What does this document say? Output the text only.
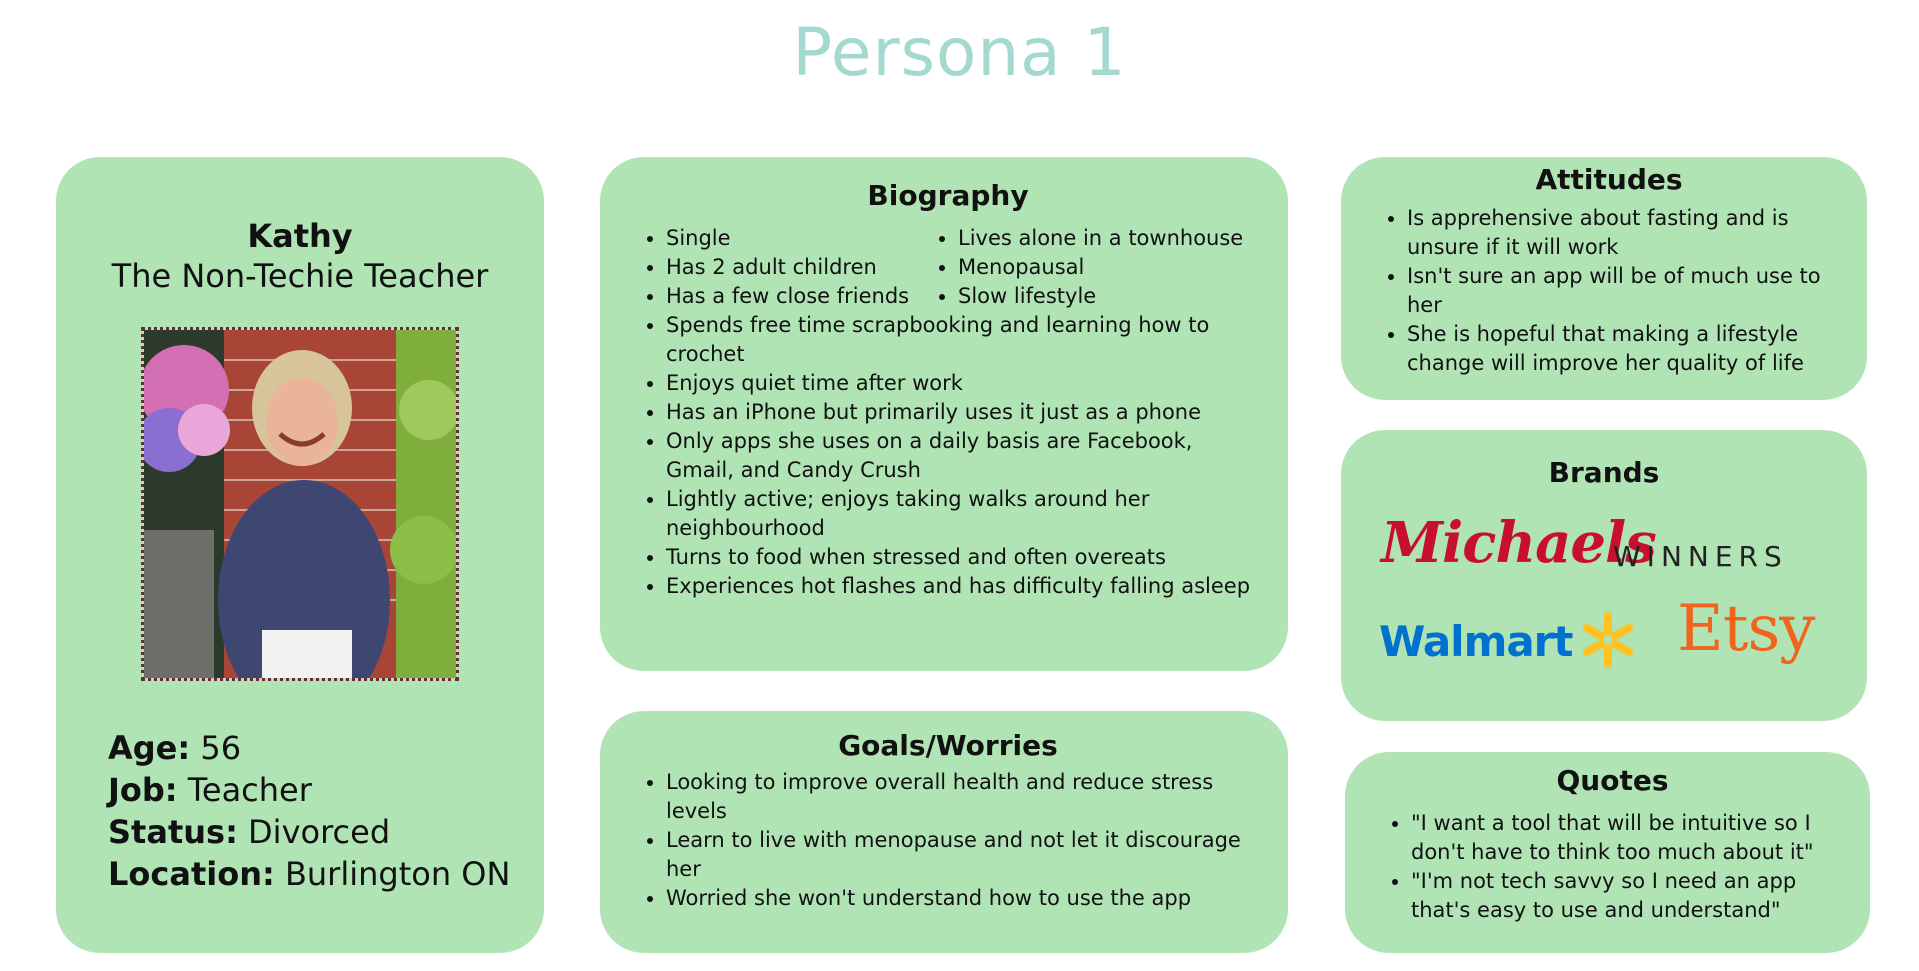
Persona 1
Kathy
The Non-Techie Teacher
Age: 56
Job: Teacher
Status: Divorced
Location: Burlington ON
Biography
• Single
• Has 2 adult children
• Has a few close friends
• Lives alone in a townhouse
• Menopausal
• Slow lifestyle
• Spends free time scrapbooking and learning how to crochet
• Enjoys quiet time after work
• Has an iPhone but primarily uses it just as a phone
• Only apps she uses on a daily basis are Facebook, Gmail, and Candy Crush
• Lightly active; enjoys taking walks around her neighbourhood
• Turns to food when stressed and often overeats
• Experiences hot flashes and has difficulty falling asleep
Goals/Worries
• Looking to improve overall health and reduce stress levels
• Learn to live with menopause and not let it discourage her
• Worried she won't understand how to use the app
Attitudes
• Is apprehensive about fasting and is unsure if it will work
• Isn't sure an app will be of much use to her
• She is hopeful that making a lifestyle change will improve her quality of life
Brands
Michaels
WINNERS
Walmart Etsy
Quotes
• "I want a tool that will be intuitive so I don't have to think too much about it"
• "I'm not tech savvy so I need an app that's easy to use and understand"
